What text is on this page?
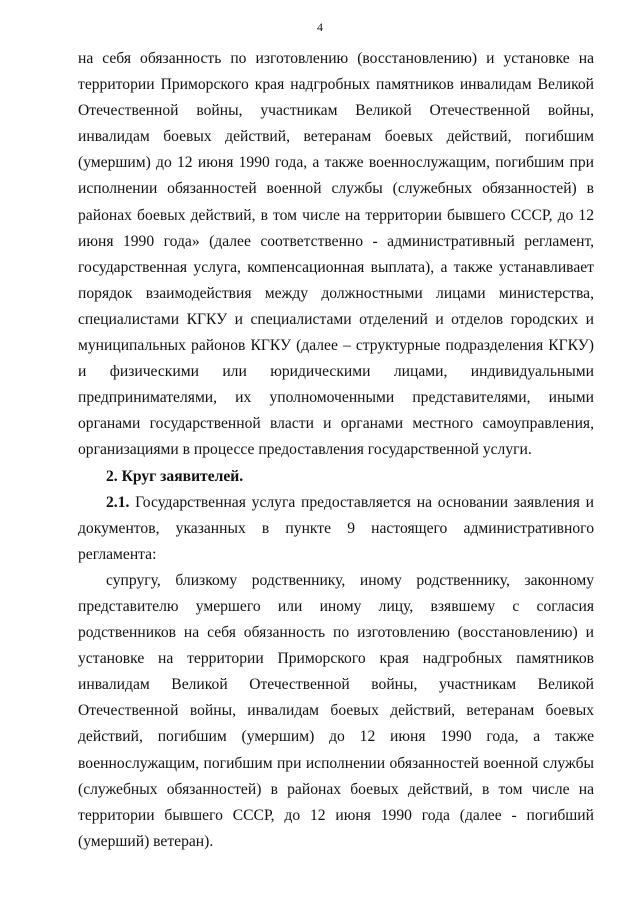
4

на себя обязанность по изготовлению (восстановлению) и установке на территории Приморского края надгробных памятников инвалидам Великой Отечественной войны, участникам Великой Отечественной войны, инвалидам боевых действий, ветеранам боевых действий, погибшим (умершим) до 12 июня 1990 года, а также военнослужащим, погибшим при исполнении обязанностей военной службы (служебных обязанностей) в районах боевых действий, в том числе на территории бывшего СССР, до 12 июня 1990 года» (далее соответственно - административный регламент, государственная услуга, компенсационная выплата), а также устанавливает порядок взаимодействия между должностными лицами министерства, специалистами КГКУ и специалистами отделений и отделов городских и муниципальных районов КГКУ (далее – структурные подразделения КГКУ) и физическими или юридическими лицами, индивидуальными предпринимателями, их уполномоченными представителями, иными органами государственной власти и органами местного самоуправления, организациями в процессе предоставления государственной услуги.

2. Круг заявителей.

2.1. Государственная услуга предоставляется на основании заявления и документов, указанных в пункте 9 настоящего административного регламента:

супругу, близкому родственнику, иному родственнику, законному представителю умершего или иному лицу, взявшему с согласия родственников на себя обязанность по изготовлению (восстановлению) и установке на территории Приморского края надгробных памятников инвалидам Великой Отечественной войны, участникам Великой Отечественной войны, инвалидам боевых действий, ветеранам боевых действий, погибшим (умершим) до 12 июня 1990 года, а также военнослужащим, погибшим при исполнении обязанностей военной службы (служебных обязанностей) в районах боевых действий, в том числе на территории бывшего СССР, до 12 июня 1990 года (далее - погибший (умерший) ветеран).
